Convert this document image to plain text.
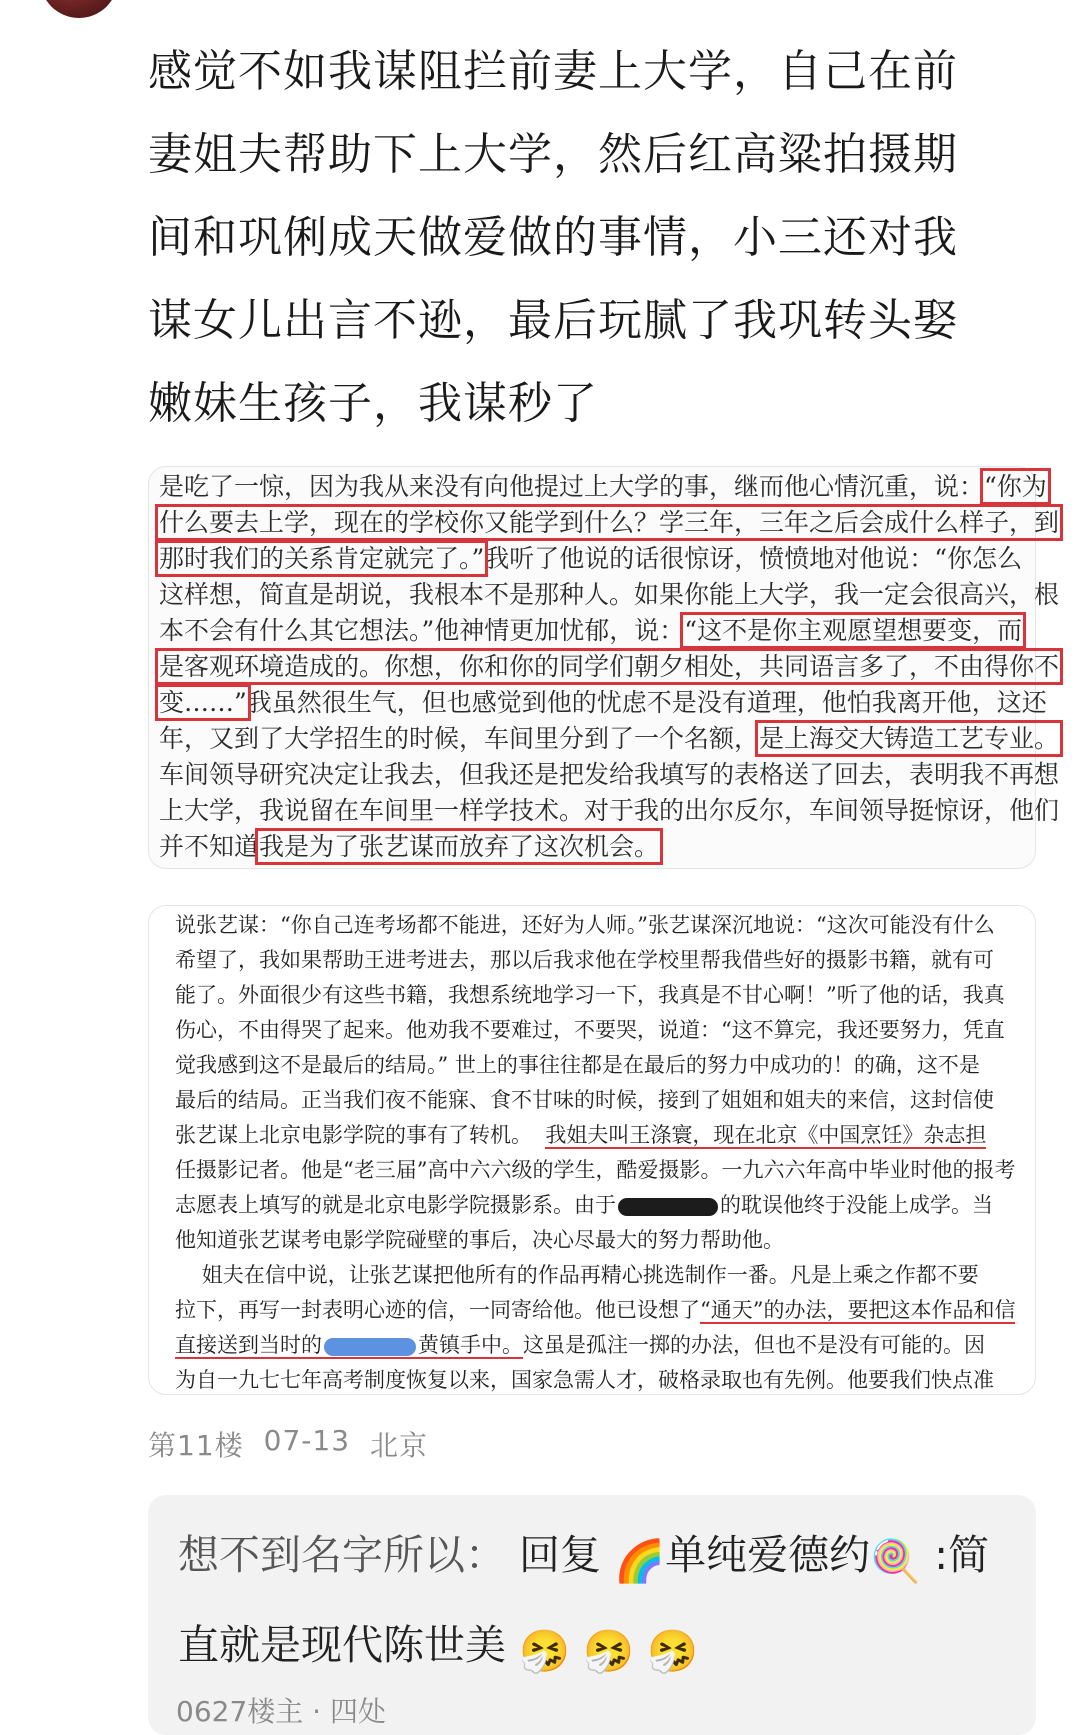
感觉不如我谋阻拦前妻上大学，自己在前
妻姐夫帮助下上大学，然后红高粱拍摄期
间和巩俐成天做爱做的事情，小三还对我
谋女儿出言不逊，最后玩腻了我巩转头娶
嫩妹生孩子，我谋秒了
是吃了一惊，因为我从来没有向他提过上大学的事，继而他心情沉重，说：“你为
什么要去上学，现在的学校你又能学到什么？学三年，三年之后会成什么样子，到
那时我们的关系肯定就完了。”我听了他说的话很惊讶，愤愤地对他说：“你怎么
这样想，简直是胡说，我根本不是那种人。如果你能上大学，我一定会很高兴，根
本不会有什么其它想法。”他神情更加忧郁，说：“这不是你主观愿望想要变，而
是客观环境造成的。你想，你和你的同学们朝夕相处，共同语言多了，不由得你不
变……”我虽然很生气，但也感觉到他的忧虑不是没有道理，他怕我离开他，这还
年，又到了大学招生的时候，车间里分到了一个名额，是上海交大铸造工艺专业。
车间领导研究决定让我去，但我还是把发给我填写的表格送了回去，表明我不再想
上大学，我说留在车间里一样学技术。对于我的出尔反尔，车间领导挺惊讶，他们
并不知道我是为了张艺谋而放弃了这次机会。
说张艺谋：“你自己连考场都不能进，还好为人师。”张艺谋深沉地说：“这次可能没有什么
希望了，我如果帮助王进考进去，那以后我求他在学校里帮我借些好的摄影书籍，就有可
能了。外面很少有这些书籍，我想系统地学习一下，我真是不甘心啊！”听了他的话，我真
伤心，不由得哭了起来。他劝我不要难过，不要哭，说道：“这不算完，我还要努力，凭直
觉我感到这不是最后的结局。” 世上的事往往都是在最后的努力中成功的！的确，这不是
最后的结局。正当我们夜不能寐、食不甘味的时候，接到了姐姐和姐夫的来信，这封信使
张艺谋上北京电影学院的事有了转机。 我姐夫叫王涤寰，现在北京《中国烹饪》杂志担
任摄影记者。他是“老三届”高中六六级的学生，酷爱摄影。一九六六年高中毕业时他的报考
志愿表上填写的就是北京电影学院摄影系。由于	的耽误他终于没能上成学。当
他知道张艺谋考电影学院碰壁的事后，决心尽最大的努力帮助他。
姐夫在信中说，让张艺谋把他所有的作品再精心挑选制作一番。凡是上乘之作都不要
拉下，再写一封表明心迹的信，一同寄给他。他已设想了“通天”的办法，要把这本作品和信
直接送到当时的	黄镇手中。这虽是孤注一掷的办法，但也不是没有可能的。因
为自一九七七年高考制度恢复以来，国家急需人才，破格录取也有先例。他要我们快点准
第11楼 07-13 北京
想不到名字所以： 回复 🌈单纯爱德约🍭 :简
直就是现代陈世美 🤧 🤧 🤧
0627楼主 · 四处
